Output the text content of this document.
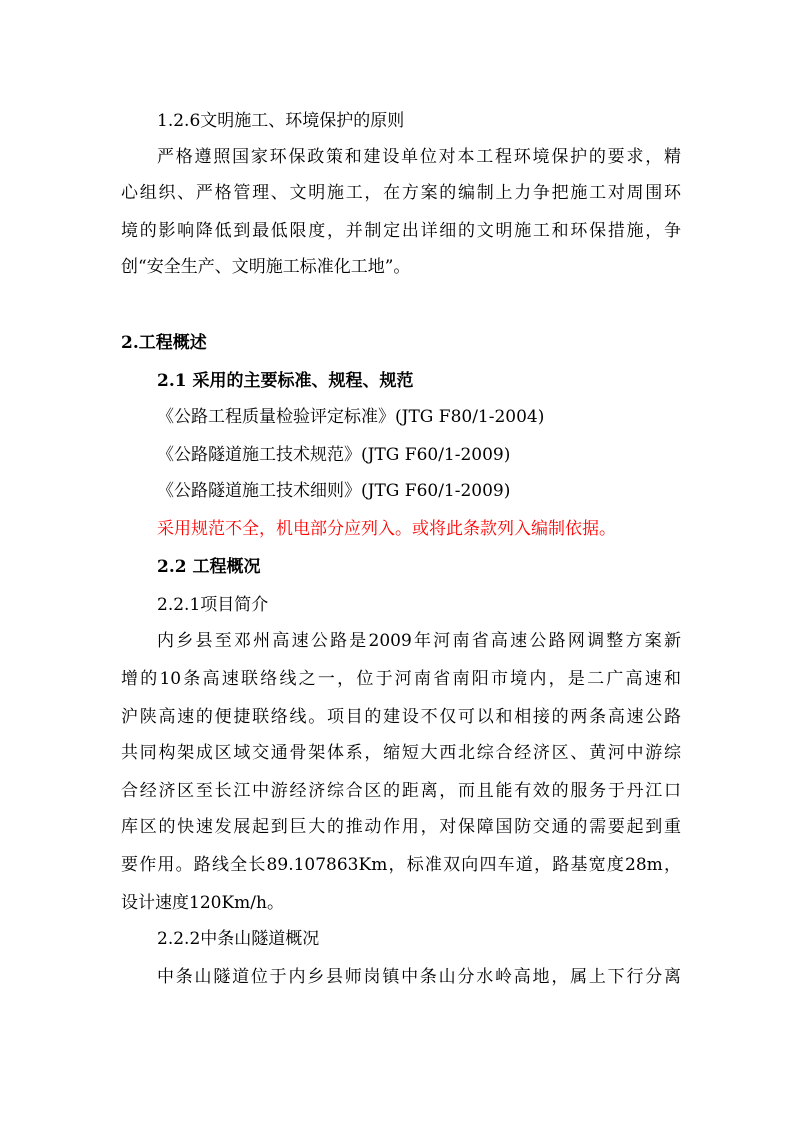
1.2.6文明施工、环境保护的原则
严格遵照国家环保政策和建设单位对本工程环境保护的要求，精
心组织、严格管理、文明施工，在方案的编制上力争把施工对周围环
境的影响降低到最低限度，并制定出详细的文明施工和环保措施，争
创“安全生产、文明施工标准化工地”。
2.工程概述
2.1 采用的主要标准、规程、规范
《公路工程质量检验评定标准》(JTG F80/1-2004)
《公路隧道施工技术规范》(JTG F60/1-2009)
《公路隧道施工技术细则》(JTG F60/1-2009)
采用规范不全，机电部分应列入。或将此条款列入编制依据。
2.2 工程概况
2.2.1项目简介
内乡县至邓州高速公路是2009年河南省高速公路网调整方案新
增的10条高速联络线之一，位于河南省南阳市境内，是二广高速和
沪陕高速的便捷联络线。项目的建设不仅可以和相接的两条高速公路
共同构架成区域交通骨架体系，缩短大西北综合经济区、黄河中游综
合经济区至长江中游经济综合区的距离，而且能有效的服务于丹江口
库区的快速发展起到巨大的推动作用，对保障国防交通的需要起到重
要作用。路线全长89.107863Km，标准双向四车道，路基宽度28m，
设计速度120Km/h。
2.2.2中条山隧道概况
中条山隧道位于内乡县师岗镇中条山分水岭高地，属上下行分离
